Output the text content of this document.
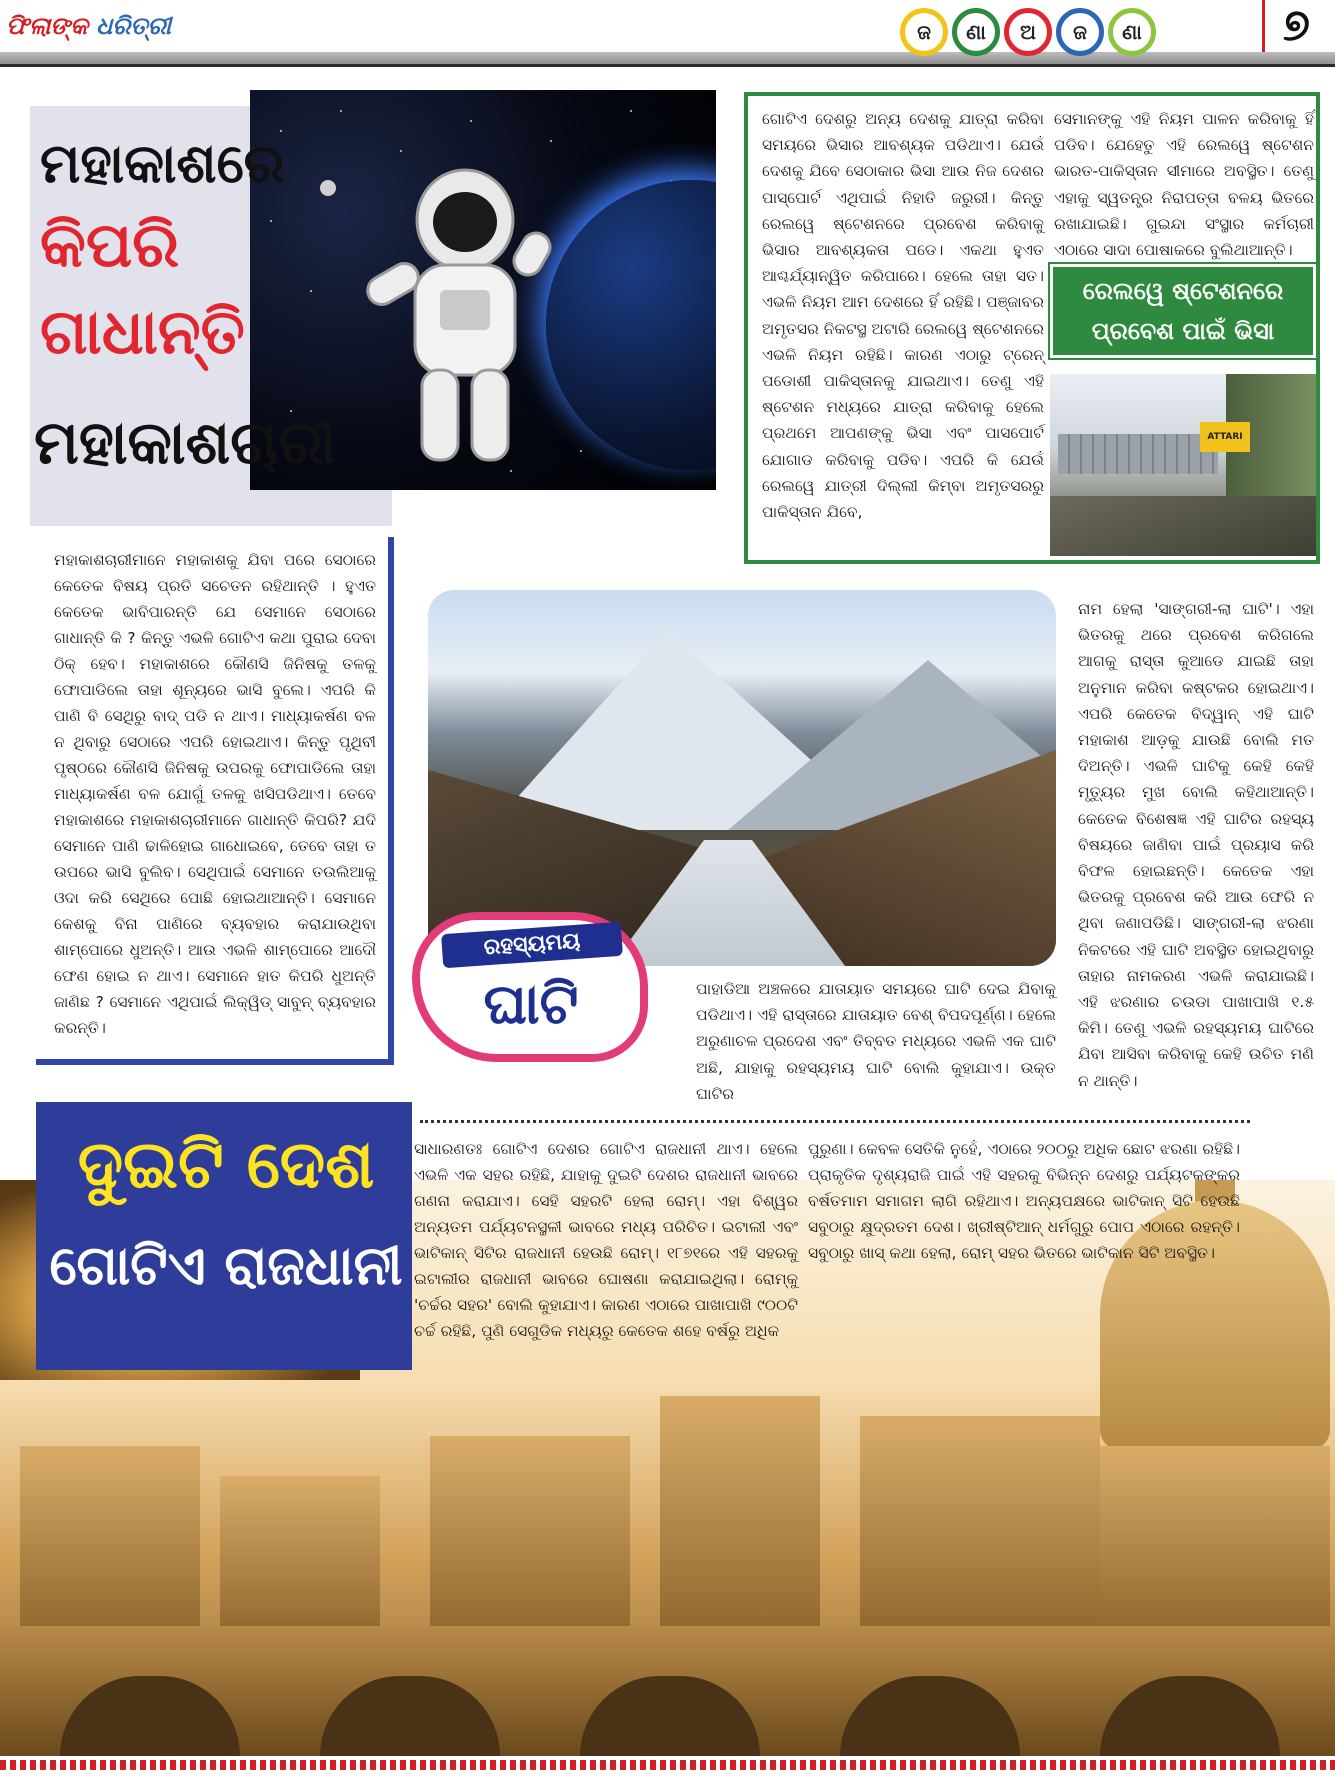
ଫିଲାଙ୍କ ଧରିତ୍ରୀ	ଜ	ଣା	ଅ	ଜ	ଣା	୭
ମହାକାଶରେ
କିପରି
ଗାଧାନ୍ତି
ମହାକାଶଚାରୀ
ମହାକାଶଚାରୀମାନେ ମହାକାଶକୁ ଯିବା ପରେ ସେଠାରେ କେତେକ ବିଷୟ ପ୍ରତି ସଚେତନ ରହିଥାନ୍ତି । ହୁଏତ କେତେକ ଭାବିପାରନ୍ତି ଯେ ସେମାନେ ସେଠାରେ ଗାଧାନ୍ତି କି ? କିନ୍ତୁ ଏଭଳି ଗୋଟିଏ କଥା ପୁରାଇ ଦେବା ଠିକ୍ ହେବ। ମହାକାଶରେ କୌଣସି ଜିନିଷକୁ ତଳକୁ ଫୋପାଡିଲେ ତାହା ଶୂନ୍ୟରେ ଭାସି ବୁଲେ। ଏପରି କି ପାଣି ବି ସେଥିରୁ ବାଦ୍ ପଡି ନ ଥାଏ। ମାଧ୍ୟାକର୍ଷଣ ବଳ ନ ଥିବାରୁ ସେଠାରେ ଏପରି ହୋଇଥାଏ। କିନ୍ତୁ ପୃଥିବୀ ପୃଷ୍ଠରେ କୌଣସି ଜିନିଷକୁ ଉପରକୁ ଫୋପାଡିଲେ ତାହା ମାଧ୍ୟାକର୍ଷଣ ବଳ ଯୋଗୁଁ ତଳକୁ ଖସିପଡିଥାଏ। ତେବେ ମହାକାଶରେ ମହାକାଶଚାରୀମାନେ ଗାଧାନ୍ତି କିପରି? ଯଦି ସେମାନେ ପାଣି ଢାଳିହୋଇ ଗାଧୋଇବେ, ତେବେ ତାହା ତ ଉପରେ ଭାସି ବୁଲିବ। ସେଥିପାଇଁ ସେମାନେ ତଉଲିଆକୁ ଓଦା କରି ସେଥିରେ ପୋଛି ହୋଇଥାଆନ୍ତି। ସେମାନେ କେଶକୁ ବିନା ପାଣିରେ ବ୍ୟବହାର କରାଯାଉଥିବା ଶାମ୍ପୋରେ ଧୁଅନ୍ତି। ଆଉ ଏଭଳି ଶାମ୍ପୋରେ ଆଦୌ ଫେଣ ହୋଇ ନ ଥାଏ। ସେମାନେ ହାତ କିପରି ଧୁଅନ୍ତି ଜାଣିଛ ? ସେମାନେ ଏଥିପାଇଁ ଲିକ୍ୱିଡ୍ ସାବୁନ୍ ବ୍ୟବହାର କରନ୍ତି।
ଗୋଟିଏ ଦେଶରୁ ଅନ୍ୟ ଦେଶକୁ ଯାତ୍ରା କରିବା ସମୟରେ ଭିସାର ଆବଶ୍ୟକ ପଡିଥାଏ। ଯେଉଁ ଦେଶକୁ ଯିବେ ସେଠାକାର ଭିସା ଆଉ ନିଜ ଦେଶର ପାସ୍‌ପୋର୍ଟ ଏଥିପାଇଁ ନିହାତି ଜରୁରୀ। କିନ୍ତୁ ରେଲୱେ ଷ୍ଟେଶନରେ ପ୍ରବେଶ କରିବାକୁ ଭିସାର ଆବଶ୍ୟକତା ପଡେ। ଏକଥା ହୁଏତ ଆଶ୍ଚର୍ଯ୍ୟାନ୍ୱିତ କରିପାରେ। ହେଲେ ତାହା ସତ। ଏଭଳି ନିୟମ ଆମ ଦେଶରେ ହିଁ ରହିଛି। ପଞ୍ଜାବର ଅମୃତସର ନିକଟସ୍ଥ ଅଟାରି ରେଲୱେ ଷ୍ଟେଶନରେ ଏଭଳି ନିୟମ ରହିଛି। କାରଣ ଏଠାରୁ ଟ୍ରେନ୍ ପଡୋଶୀ ପାକିସ୍ତାନକୁ ଯାଇଥାଏ। ତେଣୁ ଏହି ଷ୍ଟେଶନ ମଧ୍ୟରେ ଯାତ୍ରା କରିବାକୁ ହେଲେ ପ୍ରଥମେ ଆପଣଙ୍କୁ ଭିସା ଏବଂ ପାସପୋର୍ଟ ଯୋଗାଡ କରିବାକୁ ପଡିବ। ଏପରି କି ଯେଉଁ ରେଲୱେ ଯାତ୍ରୀ ଦିଲ୍ଲୀ କିମ୍ବା ଅମୃତସରରୁ ପାକିସ୍ତାନ ଯିବେ,
ସେମାନଙ୍କୁ ଏହି ନିୟମ ପାଳନ କରିବାକୁ ହିଁ ପଡିବ। ଯେହେତୁ ଏହି ରେଲୱେ ଷ୍ଟେଶନ ଭାରତ-ପାକିସ୍ତାନ ସୀମାରେ ଅବସ୍ଥିତ। ତେଣୁ ଏହାକୁ ସ୍ୱତନ୍ତ୍ର ନିରାପତ୍ତା ବଳୟ ଭିତରେ ରଖାଯାଇଛି। ଗୁଇନ୍ଦା ସଂସ୍ଥାର କର୍ମଚାରୀ ଏଠାରେ ସାଦା ପୋଷାକରେ ବୁଲିଥାଆନ୍ତି।
ରେଲୱେ ଷ୍ଟେଶନରେ ପ୍ରବେଶ ପାଇଁ ଭିସା
ATTARI
ରହସ୍ୟମୟ
ଘାଟି
ନାମ ହେଲା 'ସାଙ୍ଗରୀ-ଲା ଘାଟି'। ଏହା ଭିତରକୁ ଥରେ ପ୍ରବେଶ କରିଗଲେ ଆଗକୁ ରାସ୍ତା କୁଆଡେ ଯାଇଛି ତାହା ଅନୁମାନ କରିବା କଷ୍ଟକର ହୋଇଥାଏ। ଏପରି କେତେକ ବିଦ୍ୱାନ୍ ଏହି ଘାଟି ମହାକାଶ ଆଡ଼କୁ ଯାଉଛି ବୋଲି ମତ ଦିଅନ୍ତି। ଏଭଳି ଘାଟିକୁ କେହି କେହି ମୃତ୍ୟୁର ମୁଖ ବୋଲି କହିଥାଆନ୍ତି। କେତେକ ବିଶେଷଜ୍ଞ ଏହି ଘାଟିର ରହସ୍ୟ ବିଷୟରେ ଜାଣିବା ପାଇଁ ପ୍ରୟାସ କରି ବିଫଳ ହୋଇଛନ୍ତି। କେତେକ ଏହା ଭିତରକୁ ପ୍ରବେଶ କରି ଆଉ ଫେରି ନ ଥିବା ଜଣାପଡିଛି। ସାଙ୍ଗରୀ-ଲା ଝରଣା ନିକଟରେ ଏହି ଘାଟି ଅବସ୍ଥିତ ହୋଇଥିବାରୁ ତାହାର ନାମକରଣ ଏଭଳି କରାଯାଇଛି। ଏହି ଝରଣାର ଚଉଡା ପାଖାପାଖି ୧.୫ କିମି। ତେଣୁ ଏଭଳି ରହସ୍ୟମୟ ଘାଟିରେ ଯିବା ଆସିବା କରିବାକୁ କେହି ଉଚିତ ମଣି ନ ଥାନ୍ତି।
ପାହାଡିଆ ଅଞ୍ଚଳରେ ଯାତାୟାତ ସମୟରେ ଘାଟି ଦେଇ ଯିବାକୁ ପଡିଥାଏ। ଏହି ରାସ୍ତାରେ ଯାତାୟାତ ବେଶ୍ ବିପଦପୂର୍ଣ୍ଣ। ହେଲେ ଅରୁଣାଚଳ ପ୍ରଦେଶ ଏବଂ ତିବ୍ବତ ମଧ୍ୟରେ ଏଭଳି ଏକ ଘାଟି ଅଛି, ଯାହାକୁ ରହସ୍ୟମୟ ଘାଟି ବୋଲି କୁହାଯାଏ। ଉକ୍ତ ଘାଟିର
ଦୁଇଟି ଦେଶ
ଗୋଟିଏ ରାଜଧାନୀ
ସାଧାରଣତଃ ଗୋଟିଏ ଦେଶର ଗୋଟିଏ ରାଜଧାନୀ ଥାଏ। ହେଲେ ଏଭଳି ଏକ ସହର ରହିଛି, ଯାହାକୁ ଦୁଇଟି ଦେଶର ରାଜଧାନୀ ଭାବରେ ଗଣନା କରାଯାଏ। ସେହି ସହରଟି ହେଲା ରୋମ୍। ଏହା ବିଶ୍ୱର ଅନ୍ୟତମ ପର୍ଯ୍ୟଟନସ୍ଥଳୀ ଭାବରେ ମଧ୍ୟ ପରିଚିତ। ଇଟାଲୀ ଏବଂ ଭାଟିକାନ୍ ସିଟିର ରାଜଧାନୀ ହେଉଛି ରୋମ୍। ୧୮୭୧ରେ ଏହି ସହରକୁ ଇଟାଲୀର ରାଜଧାନୀ ଭାବରେ ଘୋଷଣା କରାଯାଇଥିଲା। ରୋମ୍‌କୁ 'ଚର୍ଚ୍ଚର ସହର' ବୋଲି କୁହାଯାଏ। କାରଣ ଏଠାରେ ପାଖାପାଖି ୯୦୦ଟି ଚର୍ଚ୍ଚ ରହିଛି, ପୁଣି ସେଗୁଡିକ ମଧ୍ୟରୁ କେତେକ ଶହେ ବର୍ଷରୁ ଅଧିକ
ପୁରୁଣା। କେବଳ ସେତିକି ନୁହେଁ, ଏଠାରେ ୨୦୦ରୁ ଅଧିକ ଛୋଟ ଝରଣା ରହିଛି। ପ୍ରାକୃତିକ ଦୃଶ୍ୟରାଜି ପାଇଁ ଏହି ସହରକୁ ବିଭିନ୍ନ ଦେଶରୁ ପର୍ଯ୍ୟଟକଙ୍କର ବର୍ଷତମାମ ସମାଗମ ଲାଗି ରହିଥାଏ। ଅନ୍ୟପକ୍ଷରେ ଭାଟିକାନ୍ ସିଟି ହେଉଛି ସବୁଠାରୁ କ୍ଷୁଦ୍ରତମ ଦେଶ। ଖ୍ରୀଷ୍ଟିଆନ୍ ଧର୍ମଗୁରୁ ପୋପ ଏଠାରେ ରହନ୍ତି। ସବୁଠାରୁ ଖାସ୍ କଥା ହେଲା, ରୋମ୍ ସହର ଭିତରେ ଭାଟିକାନ ସିଟି ଅବସ୍ଥିତ।
